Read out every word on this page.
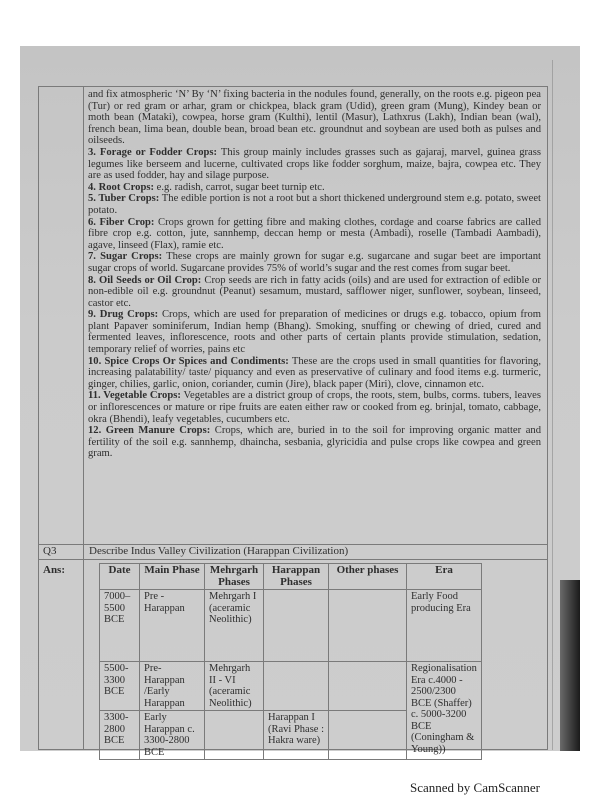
and fix atmospheric ‘N’ By ‘N’ fixing bacteria in the nodules found, generally, on the roots e.g. pigeon pea (Tur) or red gram or arhar, gram or chickpea, black gram (Udid), green gram (Mung), Kindey bean or moth bean (Mataki), cowpea, horse gram (Kulthi), lentil (Masur), Lathxrus (Lakh), Indian bean (wal), french bean, lima bean, double bean, broad bean etc. groundnut and soybean are used both as pulses and oilseeds.

3. Forage or Fodder Crops: This group mainly includes grasses such as gajaraj, marvel, guinea grass legumes like berseem and lucerne, cultivated crops like fodder sorghum, maize, bajra, cowpea etc. They are as used fodder, hay and silage purpose.

4. Root Crops: e.g. radish, carrot, sugar beet turnip etc.

5. Tuber Crops: The edible portion is not a root but a short thickened underground stem e.g. potato, sweet potato.

6. Fiber Crop: Crops grown for getting fibre and making clothes, cordage and coarse fabrics are called fibre crop e.g. cotton, jute, sannhemp, deccan hemp or mesta (Ambadi), roselle (Tambadi Aambadi), agave, linseed (Flax), ramie etc.

7. Sugar Crops: These crops are mainly grown for sugar e.g. sugarcane and sugar beet are important sugar crops of world. Sugarcane provides 75% of world’s sugar and the rest comes from sugar beet.

8. Oil Seeds or Oil Crop: Crop seeds are rich in fatty acids (oils) and are used for extraction of edible or non-edible oil e.g. groundnut (Peanut) sesamum, mustard, safflower niger, sunflower, soybean, linseed, castor etc.

9. Drug Crops: Crops, which are used for preparation of medicines or drugs e.g. tobacco, opium from plant Papaver sominiferum, Indian hemp (Bhang). Smoking, snuffing or chewing of dried, cured and fermented leaves, inflorescence, roots and other parts of certain plants provide stimulation, sedation, temporary relief of worries, pains etc

10. Spice Crops Or Spices and Condiments: These are the crops used in small quantities for flavoring, increasing palatability/ taste/ piquancy and even as preservative of culinary and food items e.g. turmeric, ginger, chilies, garlic, onion, coriander, cumin (Jire), black paper (Miri), clove, cinnamon etc.

11. Vegetable Crops: Vegetables are a district group of crops, the roots, stem, bulbs, corms. tubers, leaves or inflorescences or mature or ripe fruits are eaten either raw or cooked from eg. brinjal, tomato, cabbage, okra (Bhendi), leafy vegetables, cucumbers etc.

12. Green Manure Crops: Crops, which are, buried in to the soil for improving organic matter and fertility of the soil e.g. sannhemp, dhaincha, sesbania, glyricidia and pulse crops like cowpea and green gram.

Q3	Describe Indus Valley Civilization (Harappan Civilization)
Ans:	Date	Main Phase	Mehrgarh Phases	Harappan Phases	Other phases	Era
7000–5500 BCE	Pre - Harappan	Mehrgarh I (aceramic Neolithic)			Early Food producing Era
5500-3300 BCE	Pre-Harappan /Early Harappan	Mehrgarh II - VI (aceramic Neolithic)			Regionalisation Era c.4000 - 2500/2300 BCE (Shaffer) c. 5000-3200 BCE (Coningham & Young))
3300-2800 BCE	Early Harappan c. 3300-2800 BCE		Harappan I (Ravi Phase : Hakra ware)		
Scanned by CamScanner
